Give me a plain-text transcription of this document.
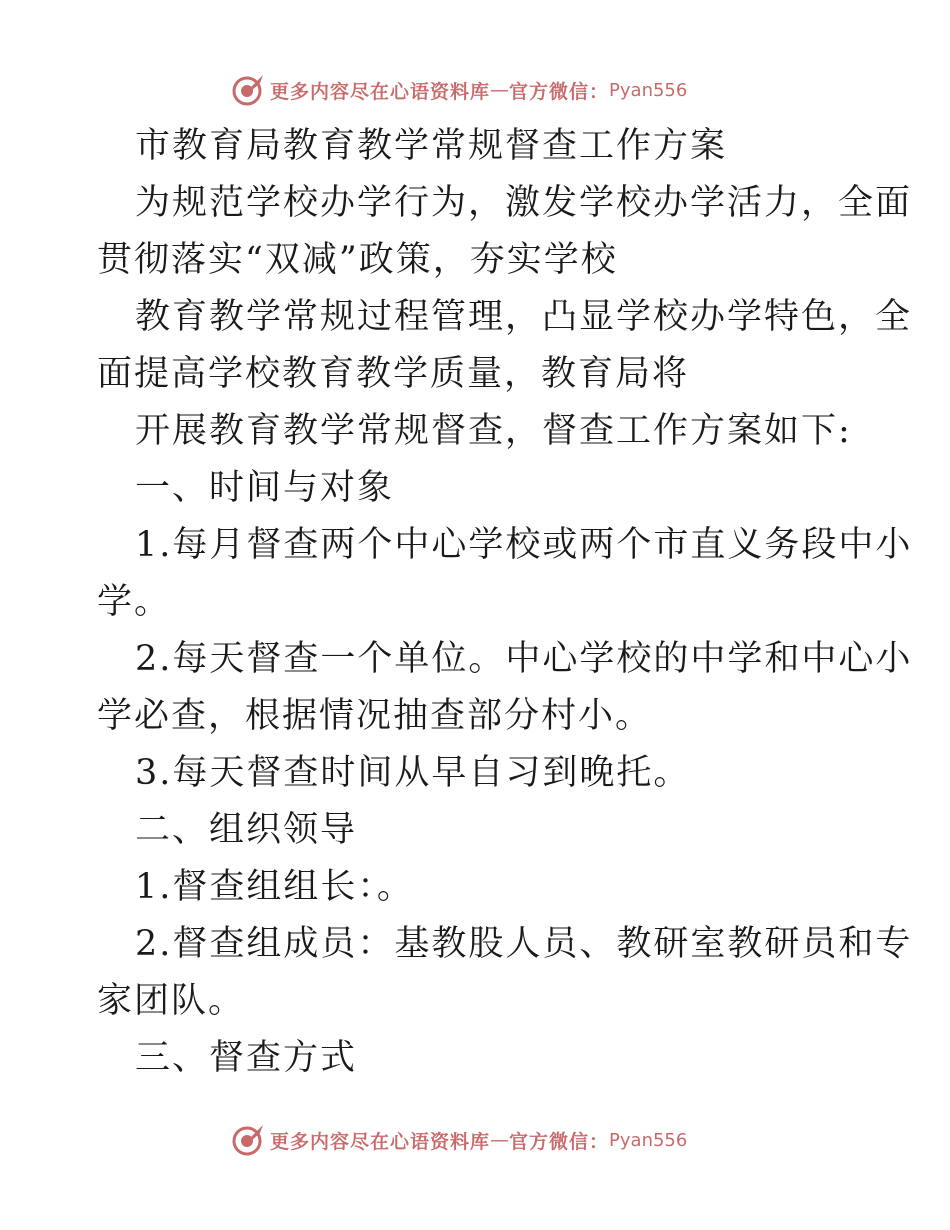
更多内容尽在心语资料库 — 官方微信： Pyan556
市教育局教育教学常规督查工作方案
为规范学校办学行为，激发学校办学活力，全面
贯彻落实“双减”政策，夯实学校
教育教学常规过程管理，凸显学校办学特色，全
面提高学校教育教学质量，教育局将
开展教育教学常规督查，督查工作方案如下:
一、时间与对象
1.每月督查两个中心学校或两个市直义务段中小
学。
2.每天督查一个单位。中心学校的中学和中心小
学必查，根据情况抽查部分村小。
3.每天督查时间从早自习到晚托。
二、组织领导
1.督查组组长：。
2.督查组成员：基教股人员、教研室教研员和专
家团队。
三、督查方式
更多内容尽在心语资料库 — 官方微信： Pyan556
